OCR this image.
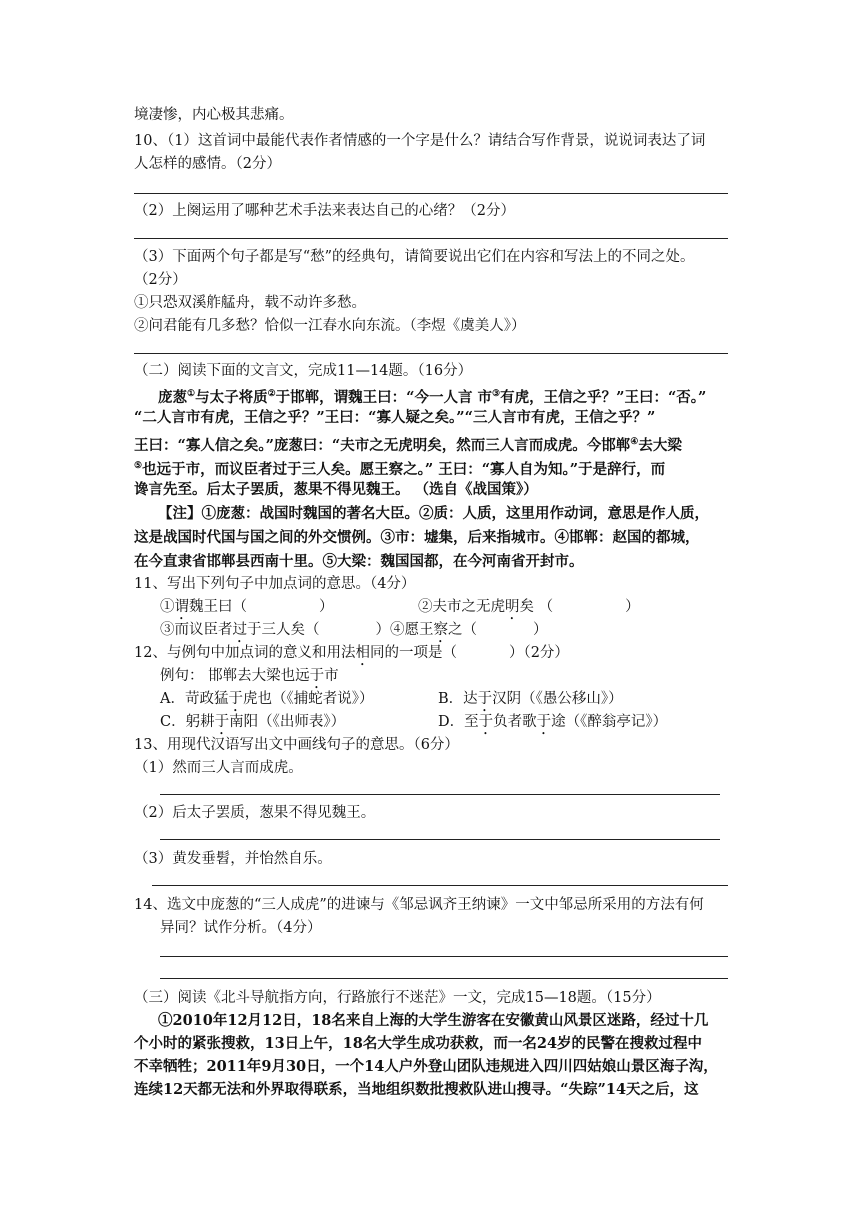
境凄惨，内心极其悲痛。
10、（1）这首词中最能代表作者情感的一个字是什么？请结合写作背景，说说词表达了词
人怎样的感情。（2分）
（2）上阕运用了哪种艺术手法来表达自己的心绪？（2分）
（3）下面两个句子都是写“愁”的经典句，请简要说出它们在内容和写法上的不同之处。
（2分）
①只恐双溪舴艋舟，载不动许多愁。
②问君能有几多愁？恰似一江春水向东流。（李煜《虞美人》）
（二）阅读下面的文言文，完成11—14题。（16分）
庞葱①与太子将质②于邯郸，谓魏王曰：“今一人言 市③有虎，王信之乎？”王曰：“否。”
“二人言市有虎，王信之乎？”王曰：“寡人疑之矣。”“三人言市有虎，王信之乎？”
王曰：“寡人信之矣。”庞葱曰：“夫市之无虎明矣，然而三人言而成虎。今邯郸④去大梁
⑤也远于市，而议臣者过于三人矣。愿王察之。” 王曰：“寡人自为知。”于是辞行，而
谗言先至。后太子罢质，葱果不得见魏王。 （选自《战国策》）
【注】①庞葱：战国时魏国的著名大臣。②质：人质，这里用作动词，意思是作人质，
这是战国时代国与国之间的外交惯例。③市：墟集，后来指城市。④邯郸：赵国的都城，
在今直隶省邯郸县西南十里。⑤大梁：魏国国都，在今河南省开封市。
11、写出下列句子中加点词的意思。（4分）
①谓魏王曰（	）	②夫市之无虎明矣 （	）
③而议臣者过于三人矣（	）④愿王察之（	）
12、与例句中加点词的意义和用法相同的一项是（	）（2分）
例句： 邯郸去大梁也远于市
A．苛政猛于虎也（《捕蛇者说》）	B．达于汉阴（《愚公移山》）
C．躬耕于南阳（《出师表》）	D．至于负者歌于途（《醉翁亭记》）
13、用现代汉语写出文中画线句子的意思。（6分）
（1）然而三人言而成虎。
（2）后太子罢质，葱果不得见魏王。
（3）黄发垂髫，并怡然自乐。
14、选文中庞葱的“三人成虎”的进谏与《邹忌讽齐王纳谏》一文中邹忌所采用的方法有何
异同？试作分析。（4分）
（三）阅读《北斗导航指方向，行路旅行不迷茫》一文，完成15—18题。（15分）
①2010年12月12日，18名来自上海的大学生游客在安徽黄山风景区迷路，经过十几
个小时的紧张搜救，13日上午，18名大学生成功获救，而一名24岁的民警在搜救过程中
不幸牺牲；2011年9月30日，一个14人户外登山团队违规进入四川四姑娘山景区海子沟，
连续12天都无法和外界取得联系，当地组织数批搜救队进山搜寻。“失踪”14天之后，这
